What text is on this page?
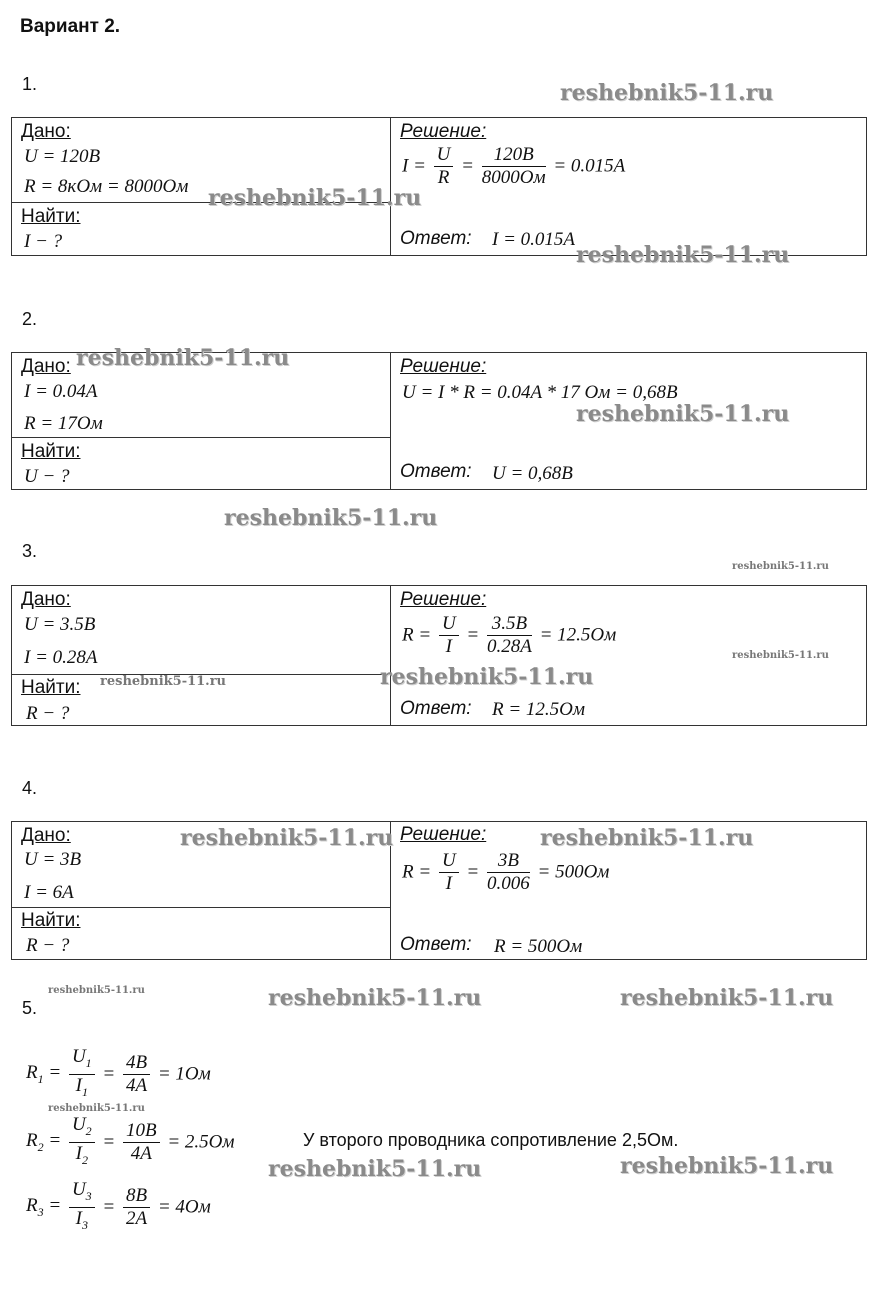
Вариант 2.
1.
Дано:
U = 120B
R = 8кОм = 8000Ом
Найти:
I − ?
Решение:
$I = \frac{U}{R} = \frac{120B}{8000Ом} = 0.015A$
Ответ: I = 0.015A
2.
Дано:
I = 0.04A
R = 17Ом
Найти:
U − ?
Решение:
U = I * R = 0.04A * 17 Ом = 0,68B
Ответ: U = 0,68B
3.
Дано:
U = 3.5B
I = 0.28A
Найти:
R − ?
Решение:
$R = \frac{U}{I} = \frac{3.5B}{0.28A} = 12.5Ом$
Ответ: R = 12.5Ом
4.
Дано:
U = 3B
I = 6A
Найти:
R − ?
Решение:
$R = \frac{U}{I} = \frac{3B}{0.006} = 500Ом$
Ответ: R = 500Ом
5.
$R_1 = \frac{U_1}{I_1} = \frac{4B}{4A} = 1Ом$
$R_2 = \frac{U_2}{I_2} = \frac{10B}{4A} = 2.5Ом$
$R_3 = \frac{U_3}{I_3} = \frac{8B}{2A} = 4Ом$
У второго проводника сопротивление 2,5Ом.
reshebnik5-11.ru
reshebnik5-11.ru
reshebnik5-11.ru
reshebnik5-11.ru
reshebnik5-11.ru
reshebnik5-11.ru
reshebnik5-11.ru
reshebnik5-11.ru
reshebnik5-11.ru	reshebnik5-11.ru
reshebnik5-11.ru	reshebnik5-11.ru
reshebnik5-11.ru	reshebnik5-11.ru	reshebnik5-11.ru
reshebnik5-11.ru
reshebnik5-11.ru	reshebnik5-11.ru
